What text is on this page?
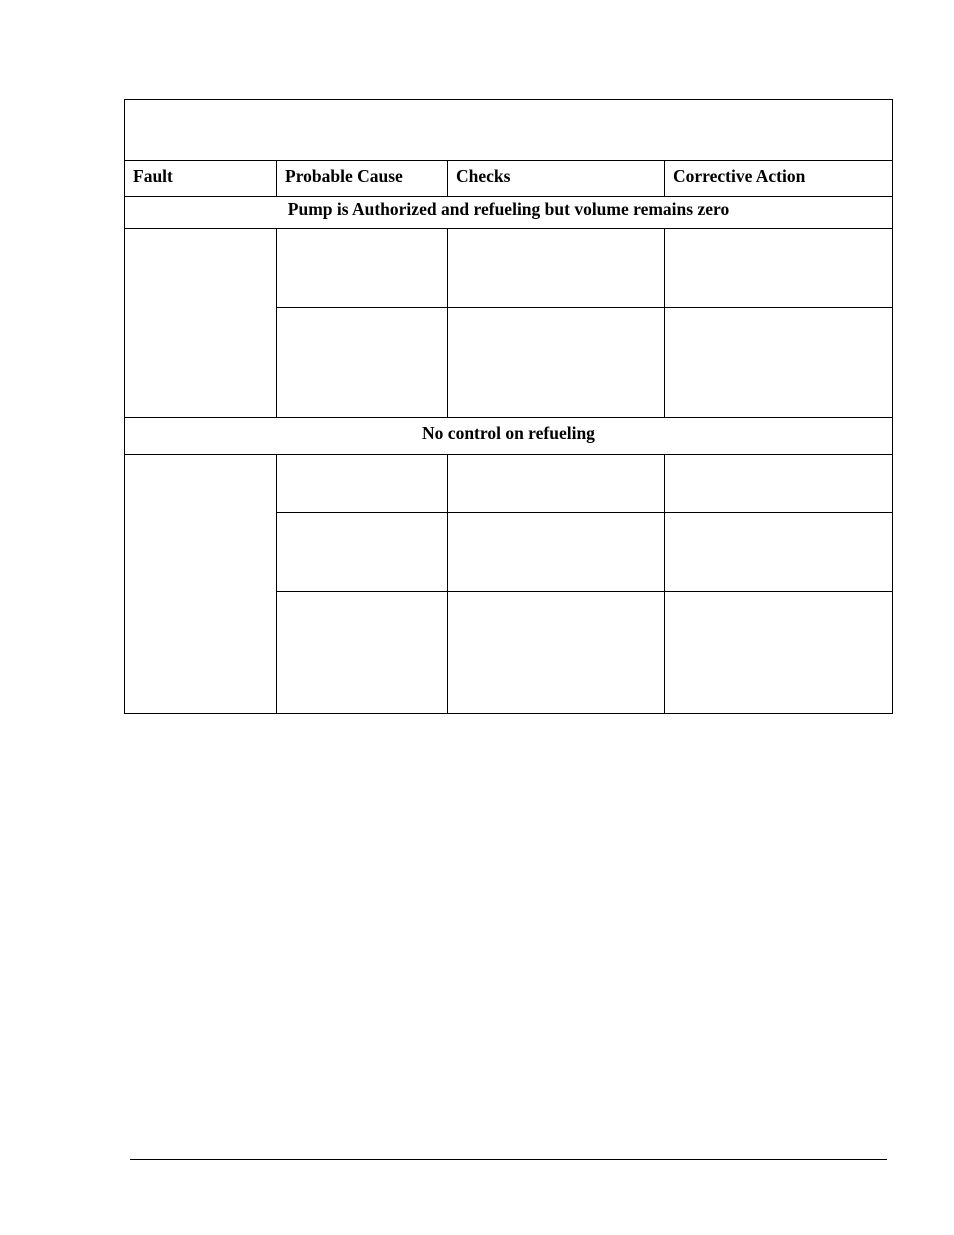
Fault	Probable Cause	Checks	Corrective Action
Pump is Authorized and refueling but volume remains zero			

No control on refueling			
